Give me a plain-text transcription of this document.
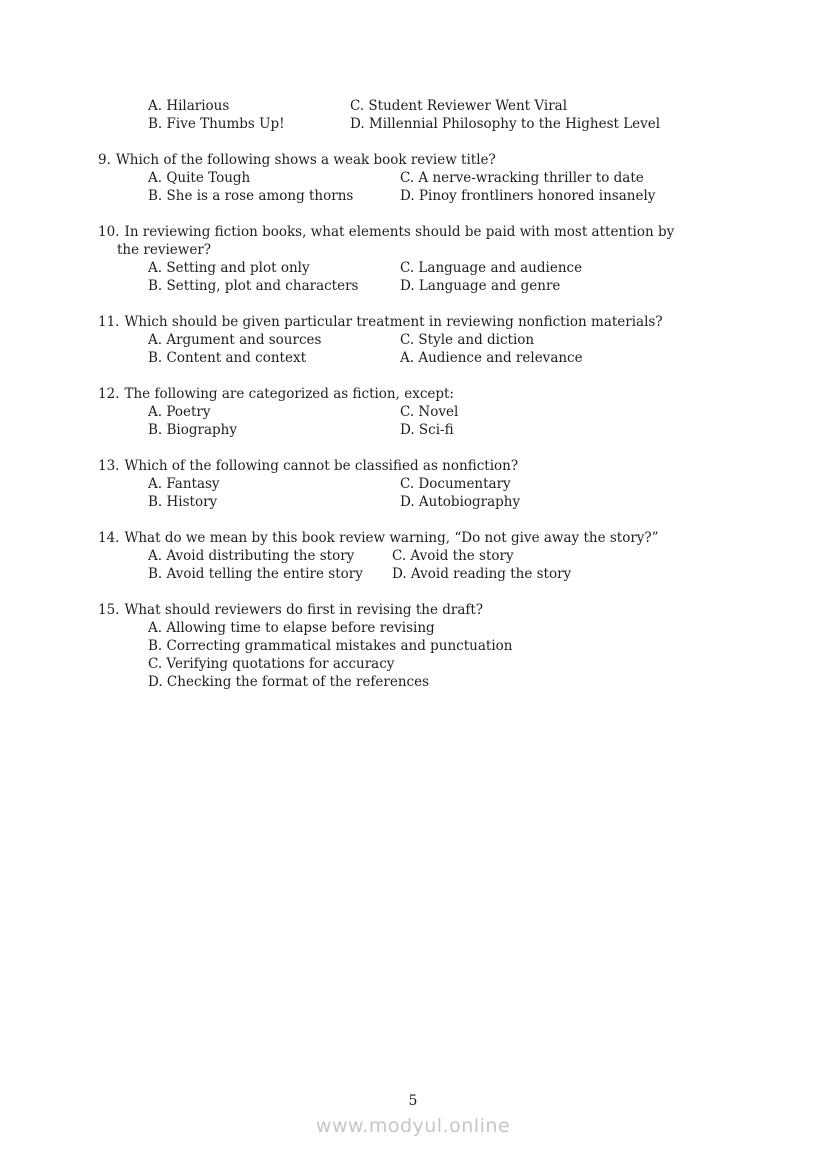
A. Hilarious	C. Student Reviewer Went Viral

B. Five Thumbs Up!	D. Millennial Philosophy to the Highest Level

9. Which of the following shows a weak book review title?

A. Quite Tough	C. A nerve-wracking thriller to date

B. She is a rose among thorns	D. Pinoy frontliners honored insanely

10. In reviewing fiction books, what elements should be paid with most attention by

the reviewer?

A. Setting and plot only	C. Language and audience

B. Setting, plot and characters	D. Language and genre

11. Which should be given particular treatment in reviewing nonfiction materials?

A. Argument and sources	C. Style and diction

B. Content and context	A. Audience and relevance

12. The following are categorized as fiction, except:

A. Poetry	C. Novel

B. Biography	D. Sci-fi

13. Which of the following cannot be classified as nonfiction?

A. Fantasy	C. Documentary

B. History	D. Autobiography

14. What do we mean by this book review warning, “Do not give away the story?”

A. Avoid distributing the story	C. Avoid the story

B. Avoid telling the entire story	D. Avoid reading the story

15. What should reviewers do first in revising the draft?

A. Allowing time to elapse before revising

B. Correcting grammatical mistakes and punctuation

C. Verifying quotations for accuracy

D. Checking the format of the references

5
www.modyul.online
